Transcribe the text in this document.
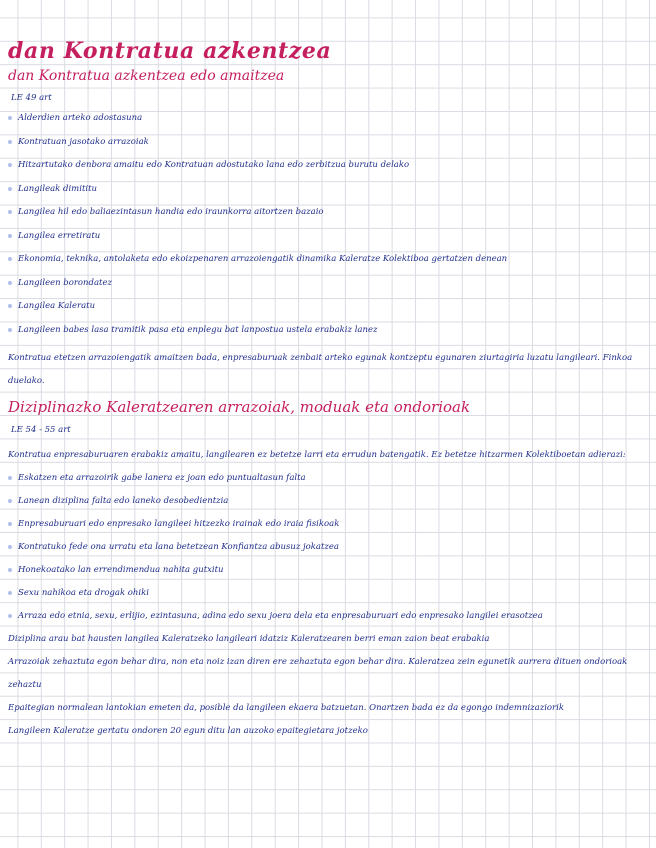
dan Kontratua azkentzea
dan Kontratua azkentzea edo amaitzea
LE 49 art
Alderdien arteko adostasuna
Kontratuan jasotako arrazoiak
Hitzartutako denbora amaitu edo Kontratuan adostutako lana edo zerbitzua burutu delako
Langileak dimititu
Langilea hil edo baliaezintasun handia edo iraunkorra aitortzen bazaio
Langilea erretiratu
Ekonomia, teknika, antolaketa edo ekoizpenaren arrazoiengatik dinamika Kaleratze Kolektiboa gertatzen denean
Langileen borondatez
Langilea Kaleratu
Langileen babes lasa tramitik pasa eta enplegu bat lanpostua ustela erabakiz lanez

Kontratua etetzen arrazoiengatik amaitzen bada, enpresaburuak zenbait arteko egunak kontzeptu egunaren ziurtagiria luzatu langileari. Finkoa duelako.

Diziplinazko Kaleratzearen arrazoiak, moduak eta ondorioak
LE 54 - 55 art

Kontratua enpresaburuaren erabakiz amaitu, langilearen ez betetze larri eta errudun batengatik. Ez betetze hitzarmen Kolektiboetan adierazi:

Eskatzen eta arrazoirik gabe lanera ez joan edo puntualtasun falta
Lanean diziplina falta edo laneko desobedientzia
Enpresaburuari edo enpresako langileei hitzezko irainak edo iraia fisikoak
Kontratuko fede ona urratu eta lana betetzean Konfiantza abusuz jokatzea
Honekoatako lan errendimendua nahita gutxitu
Sexu nahikoa eta drogak ohiki
Arraza edo etnia, sexu, erlijio, ezintasuna, adina edo sexu joera dela eta enpresaburuari edo enpresako langilei erasotzea

Diziplina arau bat hausten langilea Kaleratzeko langileari idatziz Kaleratzearen berri eman zaion beat erabakia

Arrazoiak zehaztuta egon behar dira, non eta noiz izan diren ere zehaztuta egon behar dira. Kaleratzea zein egunetik aurrera dituen ondorioak zehaztu

Epaitegian normalean lantokian emeten da, posible da langileen ekaera batzuetan. Onartzen bada ez da egongo indemnizaziorik

Langileen Kaleratze gertatu ondoren 20 egun ditu lan auzoko epaitegietara jotzeko
